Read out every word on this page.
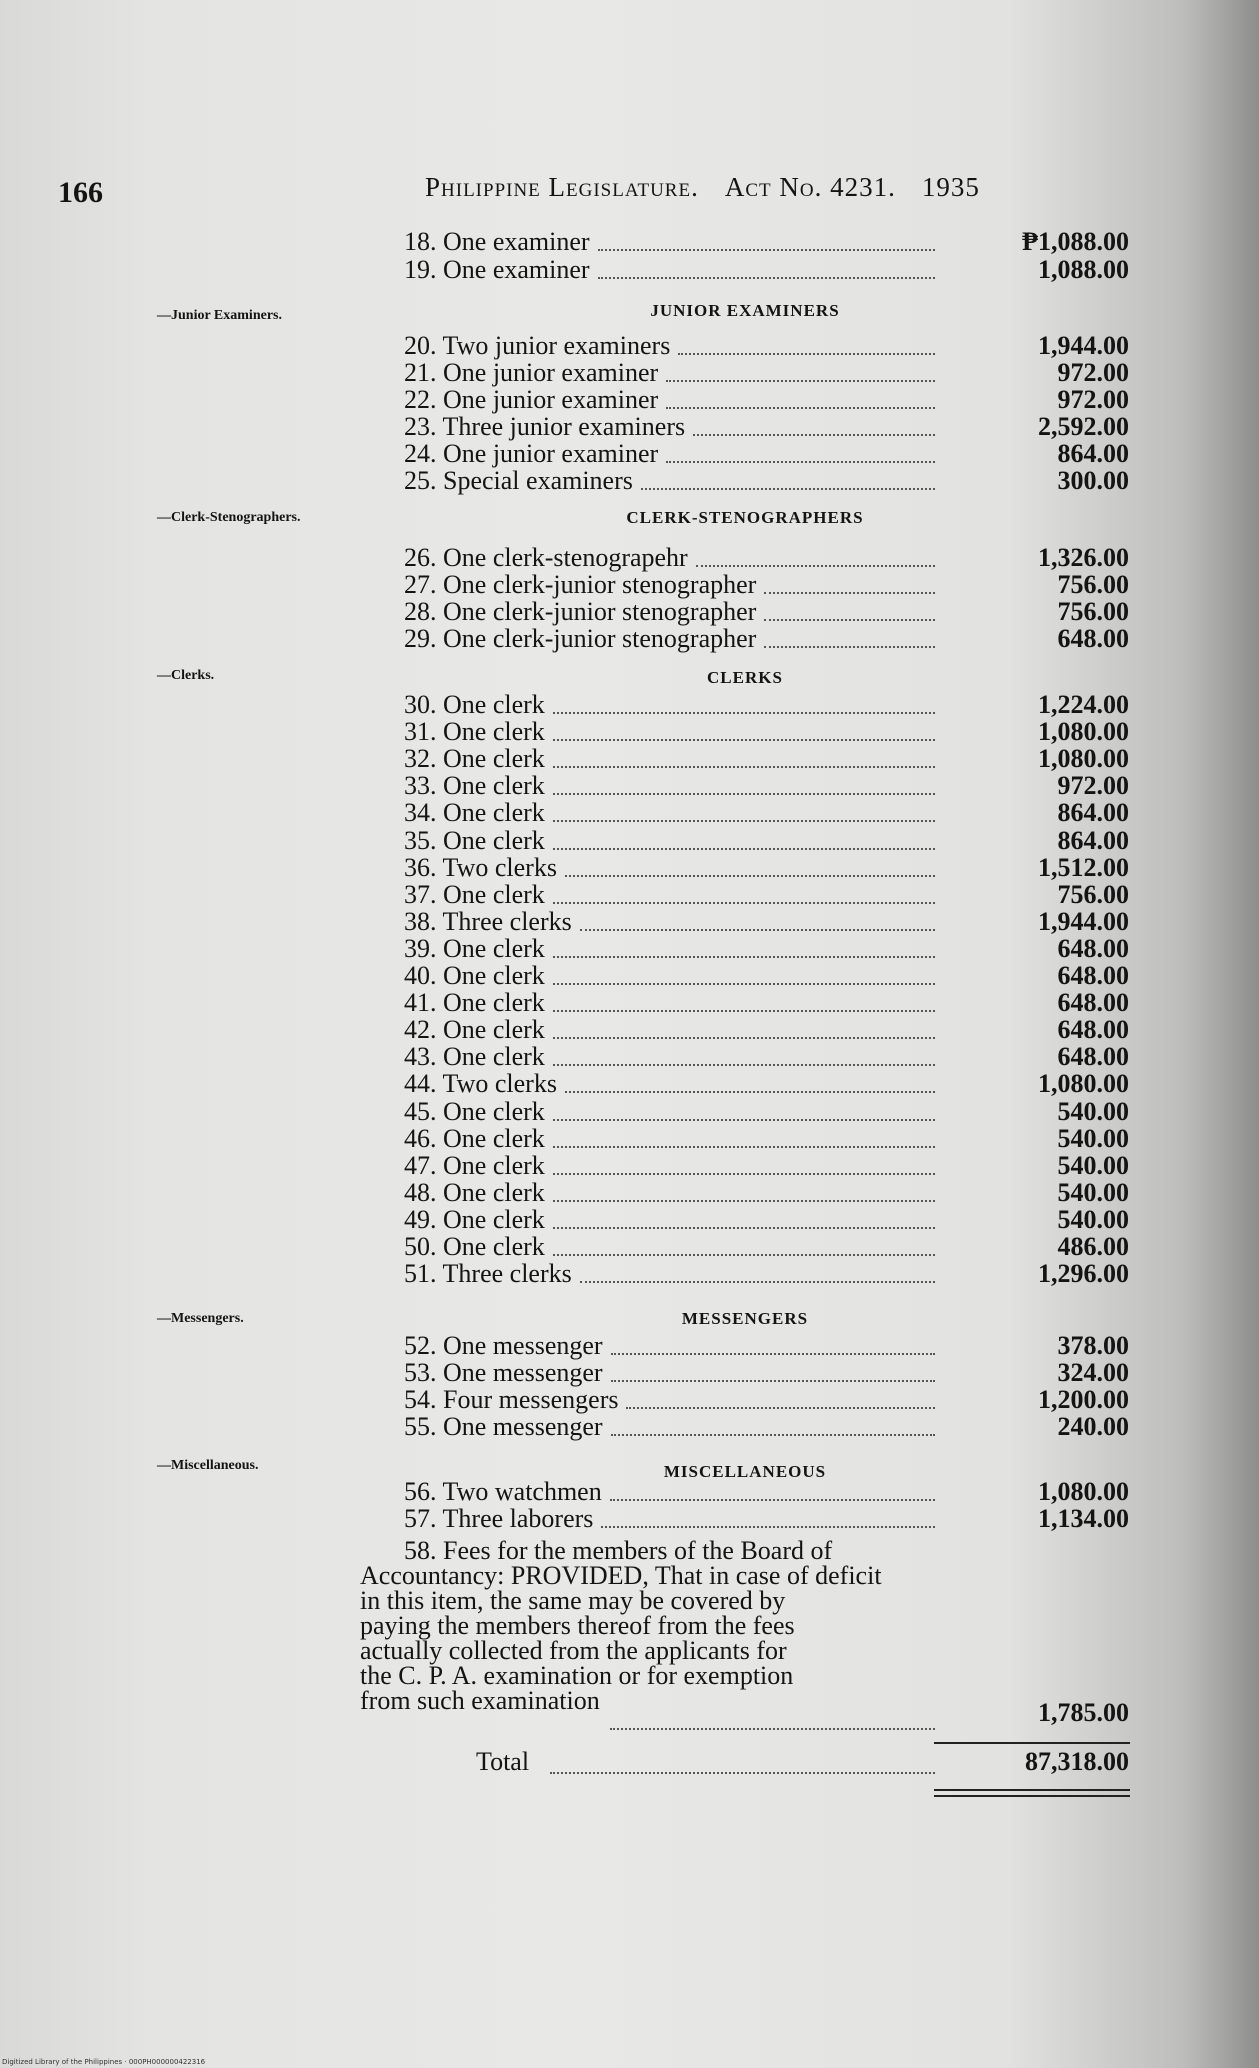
166	Philippine Legislature. Act No. 4231. 1935
18. One examiner	₱1,088.00
19. One examiner	1,088.00
JUNIOR EXAMINERS
—Junior Examiners.
20. Two junior examiners	1,944.00
21. One junior examiner	972.00
22. One junior examiner	972.00
23. Three junior examiners	2,592.00
24. One junior examiner	864.00
25. Special examiners	300.00
CLERK-STENOGRAPHERS
—Clerk-Stenographers.
26. One clerk-stenograpehr	1,326.00
27. One clerk-junior stenographer	756.00
28. One clerk-junior stenographer	756.00
29. One clerk-junior stenographer	648.00
CLERKS
—Clerks.
30. One clerk	1,224.00
31. One clerk	1,080.00
32. One clerk	1,080.00
33. One clerk	972.00
34. One clerk	864.00
35. One clerk	864.00
36. Two clerks	1,512.00
37. One clerk	756.00
38. Three clerks	1,944.00
39. One clerk	648.00
40. One clerk	648.00
41. One clerk	648.00
42. One clerk	648.00
43. One clerk	648.00
44. Two clerks	1,080.00
45. One clerk	540.00
46. One clerk	540.00
47. One clerk	540.00
48. One clerk	540.00
49. One clerk	540.00
50. One clerk	486.00
51. Three clerks	1,296.00
MESSENGERS
—Messengers.
52. One messenger	378.00
53. One messenger	324.00
54. Four messengers	1,200.00
55. One messenger	240.00
MISCELLANEOUS
—Miscellaneous.
56. Two watchmen	1,080.00
57. Three laborers	1,134.00
58. Fees for the members of the Board of
Accountancy: PROVIDED, That in case of deficit
in this item, the same may be covered by
paying the members thereof from the fees
actually collected from the applicants for
the C. P. A. examination or for exemption
from such examination	1,785.00
Total	87,318.00
Digitized Library of the Philippines · 000PH000000422316
